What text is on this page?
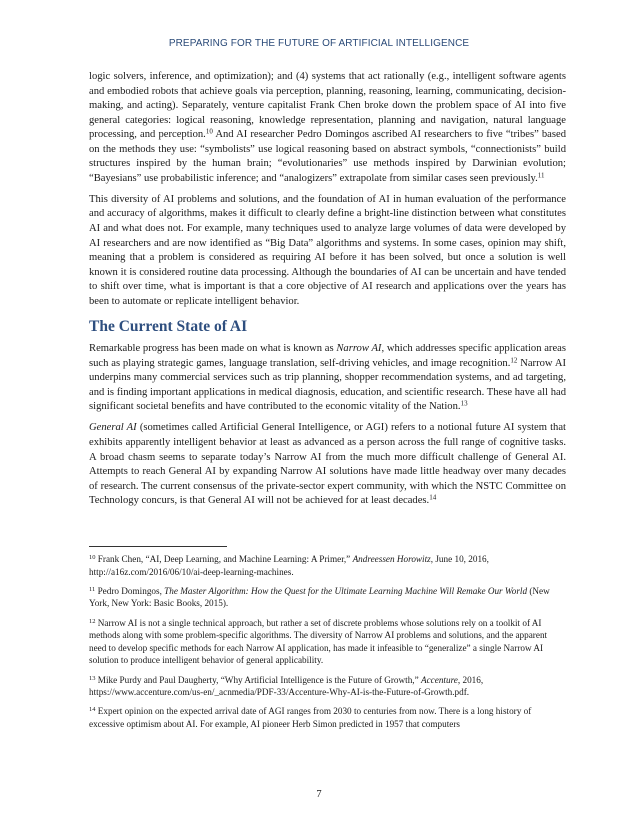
PREPARING FOR THE FUTURE OF ARTIFICIAL INTELLIGENCE

logic solvers, inference, and optimization); and (4) systems that act rationally (e.g., intelligent software agents and embodied robots that achieve goals via perception, planning, reasoning, learning, communicating, decision-making, and acting). Separately, venture capitalist Frank Chen broke down the problem space of AI into five general categories: logical reasoning, knowledge representation, planning and navigation, natural language processing, and perception.$^{10}$ And AI researcher Pedro Domingos ascribed AI researchers to five “tribes” based on the methods they use: “symbolists” use logical reasoning based on abstract symbols, “connectionists” build structures inspired by the human brain; “evolutionaries” use methods inspired by Darwinian evolution; “Bayesians” use probabilistic inference; and “analogizers” extrapolate from similar cases seen previously.$^{11}$

This diversity of AI problems and solutions, and the foundation of AI in human evaluation of the performance and accuracy of algorithms, makes it difficult to clearly define a bright-line distinction between what constitutes AI and what does not. For example, many techniques used to analyze large volumes of data were developed by AI researchers and are now identified as “Big Data” algorithms and systems. In some cases, opinion may shift, meaning that a problem is considered as requiring AI before it has been solved, but once a solution is well known it is considered routine data processing. Although the boundaries of AI can be uncertain and have tended to shift over time, what is important is that a core objective of AI research and applications over the years has been to automate or replicate intelligent behavior.

The Current State of AI

Remarkable progress has been made on what is known as Narrow AI, which addresses specific application areas such as playing strategic games, language translation, self-driving vehicles, and image recognition.$^{12}$ Narrow AI underpins many commercial services such as trip planning, shopper recommendation systems, and ad targeting, and is finding important applications in medical diagnosis, education, and scientific research. These have all had significant societal benefits and have contributed to the economic vitality of the Nation.$^{13}$

General AI (sometimes called Artificial General Intelligence, or AGI) refers to a notional future AI system that exhibits apparently intelligent behavior at least as advanced as a person across the full range of cognitive tasks. A broad chasm seems to separate today’s Narrow AI from the much more difficult challenge of General AI. Attempts to reach General AI by expanding Narrow AI solutions have made little headway over many decades of research. The current consensus of the private-sector expert community, with which the NSTC Committee on Technology concurs, is that General AI will not be achieved for at least decades.$^{14}$

$^{10}$ Frank Chen, “AI, Deep Learning, and Machine Learning: A Primer,” Andreessen Horowitz, June 10, 2016, http://a16z.com/2016/06/10/ai-deep-learning-machines.

$^{11}$ Pedro Domingos, The Master Algorithm: How the Quest for the Ultimate Learning Machine Will Remake Our World (New York, New York: Basic Books, 2015).

$^{12}$ Narrow AI is not a single technical approach, but rather a set of discrete problems whose solutions rely on a toolkit of AI methods along with some problem-specific algorithms. The diversity of Narrow AI problems and solutions, and the apparent need to develop specific methods for each Narrow AI application, has made it infeasible to “generalize” a single Narrow AI solution to produce intelligent behavior of general applicability.

$^{13}$ Mike Purdy and Paul Daugherty, “Why Artificial Intelligence is the Future of Growth,” Accenture, 2016, https://www.accenture.com/us-en/_acnmedia/PDF-33/Accenture-Why-AI-is-the-Future-of-Growth.pdf.

$^{14}$ Expert opinion on the expected arrival date of AGI ranges from 2030 to centuries from now. There is a long history of excessive optimism about AI. For example, AI pioneer Herb Simon predicted in 1957 that computers

7
